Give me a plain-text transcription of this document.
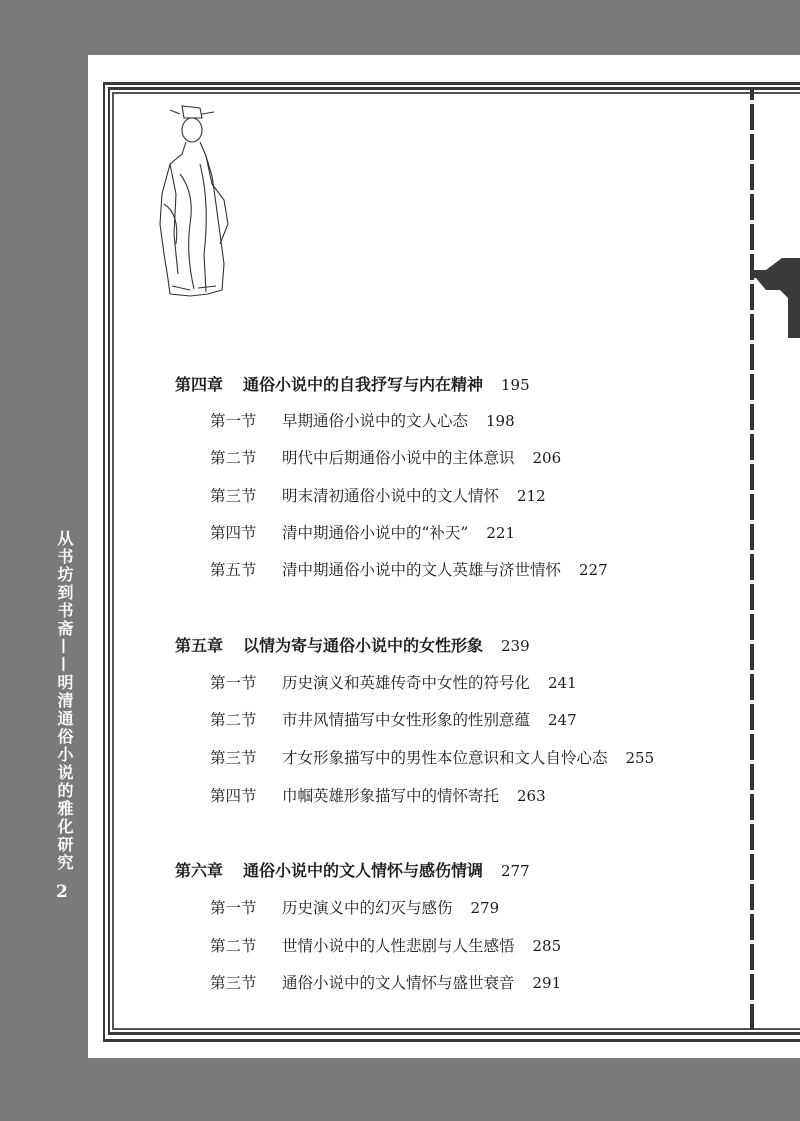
从书坊到书斋——明清通俗小说的雅化研究
2
第四章 通俗小说中的自我抒写与内在精神 195
第一节 早期通俗小说中的文人心态 198
第二节 明代中后期通俗小说中的主体意识 206
第三节 明末清初通俗小说中的文人情怀 212
第四节 清中期通俗小说中的“补天” 221
第五节 清中期通俗小说中的文人英雄与济世情怀 227
第五章 以情为寄与通俗小说中的女性形象 239
第一节 历史演义和英雄传奇中女性的符号化 241
第二节 市井风情描写中女性形象的性别意蕴 247
第三节 才女形象描写中的男性本位意识和文人自怜心态 255
第四节 巾帼英雄形象描写中的情怀寄托 263
第六章 通俗小说中的文人情怀与感伤情调 277
第一节 历史演义中的幻灭与感伤 279
第二节 世情小说中的人性悲剧与人生感悟 285
第三节 通俗小说中的文人情怀与盛世衰音 291
